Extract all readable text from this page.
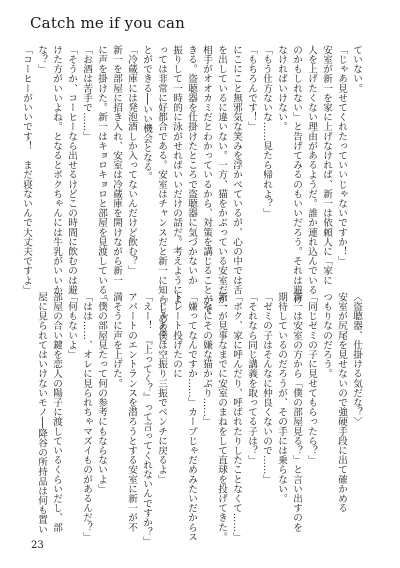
Catch me if you can
ていない。
「じゃあ見せてくれたっていいじゃないですか！」
安室が新一を家に上げなければ、新一は依頼人に「家に
人を上げたくない理由があるようだ。誰か連れ込んでいる
のかもしれない」と告げてみるのもいいだろう。それは避け
なければいけない。
「もう仕方ないな……見たら帰れよ？」
「もちろんです！」
にこにこと無邪気な笑みを浮かべているが、心の中では舌
を出しているに違いない。一方、猫をかぶっている安室だが、
相手がオオカミだとわかっているから、対策を講じることがで
きる。盗聴器を仕掛けたところで盗聴器に気づかないか
振りして一時的に泳がせればいいだけの話だ。考えようによ
っては非常に好都合である。安室はチャンスだと新一に知らしめるこ
とができる──いい機会となる。
「冷蔵庫には発泡酒しか入ってないんだけど飲む？」
新一を部屋に招き入れ、安室は冷蔵庫を開けながら新一
に声を掛けた。新一はキョロキョロと部屋を見渡している。
「お酒は苦手で……」
「そうか、コーヒーなら出せるけどこの時間に飲むのは避
けた方がいいよね。となるとボクちゃんには牛乳がいいか
な？」
「コーヒーがいいです！　まだ寝ないんで大丈夫ですよ」
〈盗聴器、仕掛ける気だな？〉
安室が尻尾を見せないので強硬手段に出て確かめる
つもりなのだろう。
「同じゼミの子に見せてもらったら？」
新一は安室の方から「僕の部屋見る？」と言い出すのを
期待しているのだろうが、その手には乗らない。
「ゼミの子はそんなに仲良くないので……」
「それなら同じ講義を取ってる子は？」
「ボク、家に呼んだり、呼ばれたりしたことなくて……」
新一が見事なまでに安室のまねをして直球を投げてきた。
「なにその嫌な猫かぶり……」
「嫌ってなんですか……」カープじゃだめみたいだからス
トレート投げたのに
「じゃあ僕は空振り三振でベンチに戻るよ」
「えー！　『上ってく？』って言ってくれないんですか？」
アパートのエントランスを潜ろうとする安室に新一が不
満そうに声を上げた。
「僕の部屋見たって何の参考にもならないよ」
「はは……、オレに見られちゃマズイものがあるんだ？」
「何もないよ」
部屋の合い鍵を恋人の陽子に渡しているくらいだし、部
屋に見られてはいけないモノ──降谷の所持品は何も置い
23
